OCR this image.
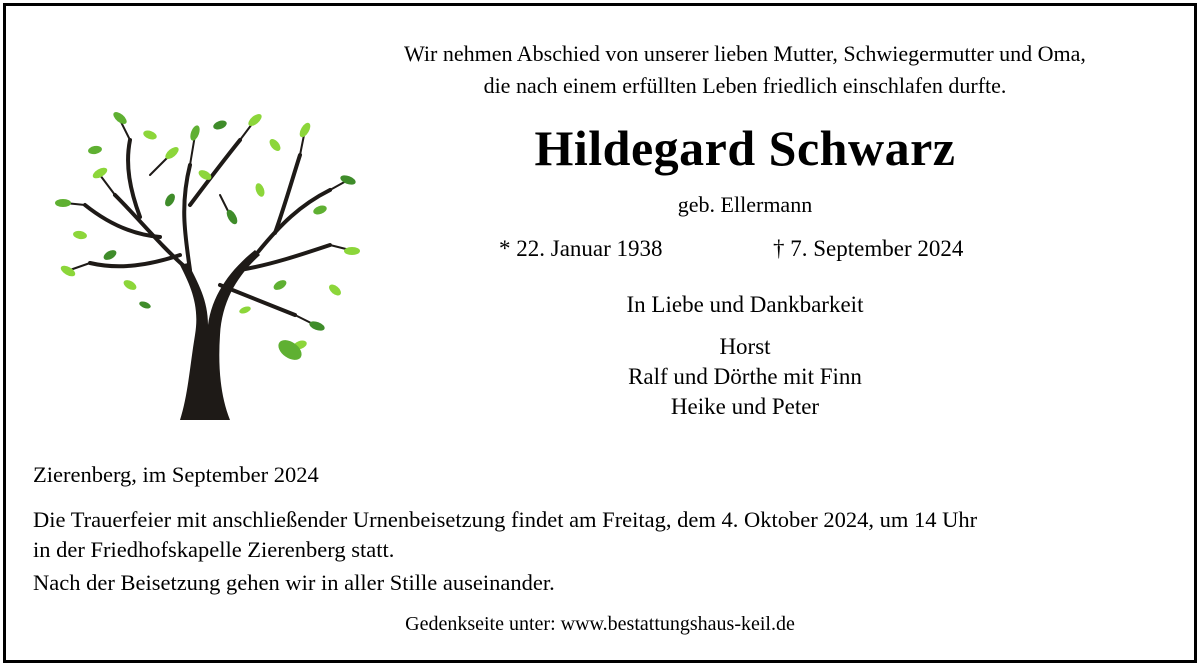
Wir nehmen Abschied von unserer lieben Mutter, Schwiegermutter und Oma,
die nach einem erfüllten Leben friedlich einschlafen durfte.
Hildegard Schwarz
geb. Ellermann
* 22. Januar 1938	† 7. September 2024
In Liebe und Dankbarkeit
Horst
Ralf und Dörthe mit Finn
Heike und Peter
Zierenberg, im September 2024
Die Trauerfeier mit anschließender Urnenbeisetzung findet am Freitag, dem 4. Oktober 2024, um 14 Uhr
in der Friedhofskapelle Zierenberg statt.
Nach der Beisetzung gehen wir in aller Stille auseinander.
Gedenkseite unter: www.bestattungshaus-keil.de
